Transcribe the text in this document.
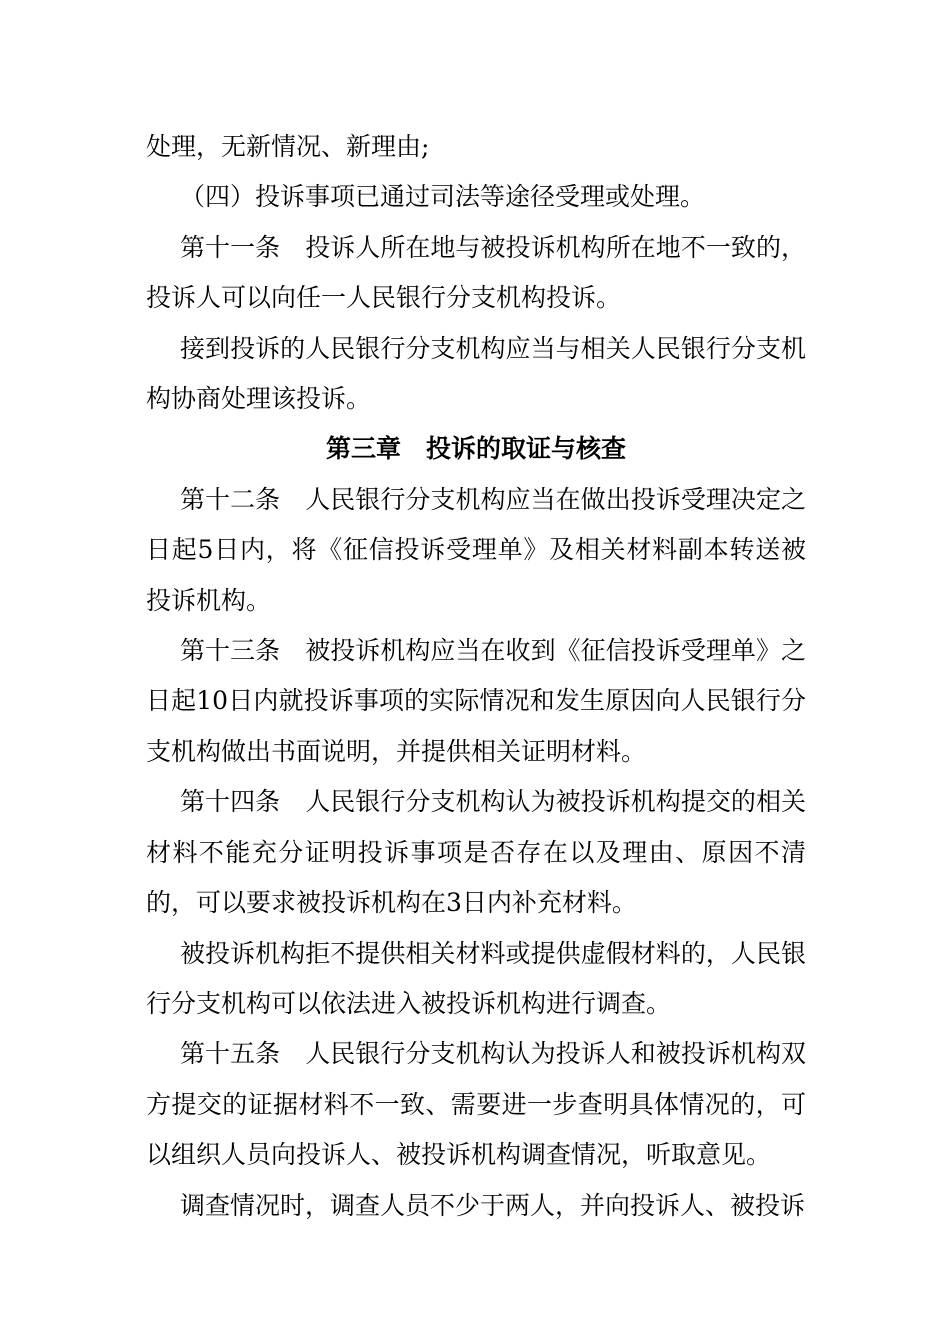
处理，无新情况、新理由;

（四）投诉事项已通过司法等途径受理或处理。

第十一条　投诉人所在地与被投诉机构所在地不一致的，投诉人可以向任一人民银行分支机构投诉。

接到投诉的人民银行分支机构应当与相关人民银行分支机构协商处理该投诉。

第三章　投诉的取证与核查

第十二条　人民银行分支机构应当在做出投诉受理决定之日起5日内，将《征信投诉受理单》及相关材料副本转送被投诉机构。

第十三条　被投诉机构应当在收到《征信投诉受理单》之日起10日内就投诉事项的实际情况和发生原因向人民银行分支机构做出书面说明，并提供相关证明材料。

第十四条　人民银行分支机构认为被投诉机构提交的相关材料不能充分证明投诉事项是否存在以及理由、原因不清的，可以要求被投诉机构在3日内补充材料。

被投诉机构拒不提供相关材料或提供虚假材料的，人民银行分支机构可以依法进入被投诉机构进行调查。

第十五条　人民银行分支机构认为投诉人和被投诉机构双方提交的证据材料不一致、需要进一步查明具体情况的，可以组织人员向投诉人、被投诉机构调查情况，听取意见。

调查情况时，调查人员不少于两人，并向投诉人、被投诉
